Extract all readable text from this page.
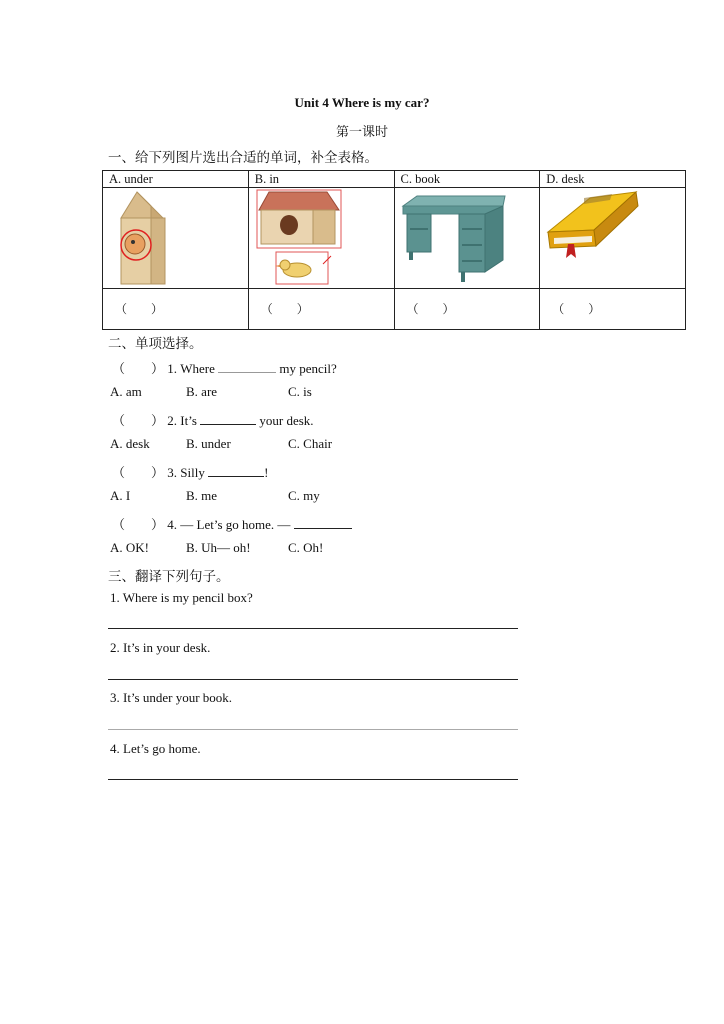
Unit 4 Where is my car?
第一课时
一、给下列图片选出合适的单词，补全表格。
A. under	B. in	C. book	D. desk

（　　）	（　　）	（　　）	（　　）
二、单项选择。
（　　） 1. Where	my pencil?
A. am	B. are	C. is
（　　） 2. It’s	your desk.
A. desk	B. under	C. Chair
（　　） 3. Silly	!
A. I	B. me	C. my
（　　） 4. — Let’s go home. —
A. OK!	B. Uh— oh!	C. Oh!
三、翻译下列句子。
1. Where is my pencil box?
2. It’s in your desk.
3. It’s under your book.
4. Let’s go home.
